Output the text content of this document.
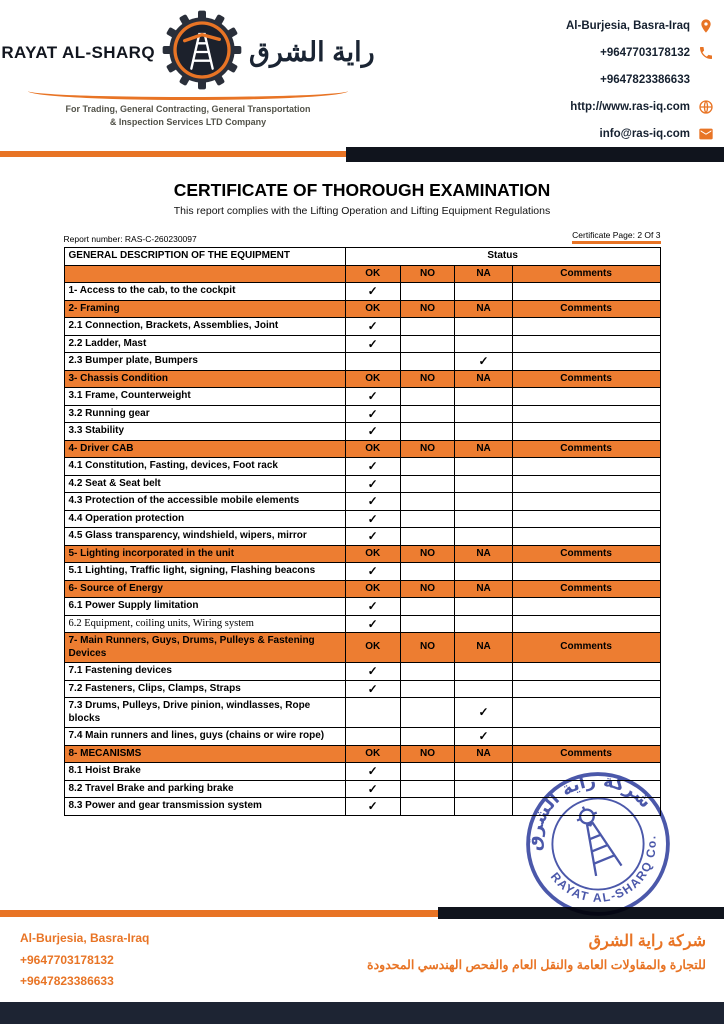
RAYAT AL-SHARQ	راية الشرق
For Trading, General Contracting, General Transportation
& Inspection Services LTD Company
Al-Burjesia, Basra-Iraq
+9647703178132
+9647823386633
http://www.ras-iq.com
info@ras-iq.com
CERTIFICATE OF THOROUGH EXAMINATION
This report complies with the Lifting Operation and Lifting Equipment Regulations
Report number: RAS-C-260230097	Certificate Page: 2 Of 3
GENERAL DESCRIPTION OF THE EQUIPMENT	Status			
	OK	NO	NA	Comments
1- Access to the cab, to the cockpit	✓			
2- Framing	OK	NO	NA	Comments
2.1 Connection, Brackets, Assemblies, Joint	✓			
2.2 Ladder, Mast	✓			
2.3 Bumper plate, Bumpers			✓	
3- Chassis Condition	OK	NO	NA	Comments
3.1 Frame, Counterweight	✓			
3.2 Running gear	✓			
3.3 Stability	✓			
4- Driver CAB	OK	NO	NA	Comments
4.1 Constitution, Fasting, devices, Foot rack	✓			
4.2 Seat & Seat belt	✓			
4.3 Protection of the accessible mobile elements	✓			
4.4 Operation protection	✓			
4.5 Glass transparency, windshield, wipers, mirror	✓			
5- Lighting incorporated in the unit	OK	NO	NA	Comments
5.1 Lighting, Traffic light, signing, Flashing beacons	✓			
6- Source of Energy	OK	NO	NA	Comments
6.1 Power Supply limitation	✓			
6.2 Equipment, coiling units, Wiring system	✓			
7- Main Runners, Guys, Drums, Pulleys & Fastening Devices	OK	NO	NA	Comments
7.1 Fastening devices	✓			
7.2 Fasteners, Clips, Clamps, Straps	✓			
7.3 Drums, Pulleys, Drive pinion, windlasses, Rope blocks			✓	
7.4 Main runners and lines, guys (chains or wire rope)			✓	
8- MECANISMS	OK	NO	NA	Comments
8.1 Hoist Brake	✓			
8.2 Travel Brake and parking brake	✓			
8.3 Power and gear transmission system	✓			
شركة راية الشرق
RAYAT AL-SHARQ Co.
Al-Burjesia, Basra-Iraq
+9647703178132
+9647823386633
شركة راية الشرق
للتجارة والمقاولات العامة والنقل العام والفحص الهندسي المحدودة
